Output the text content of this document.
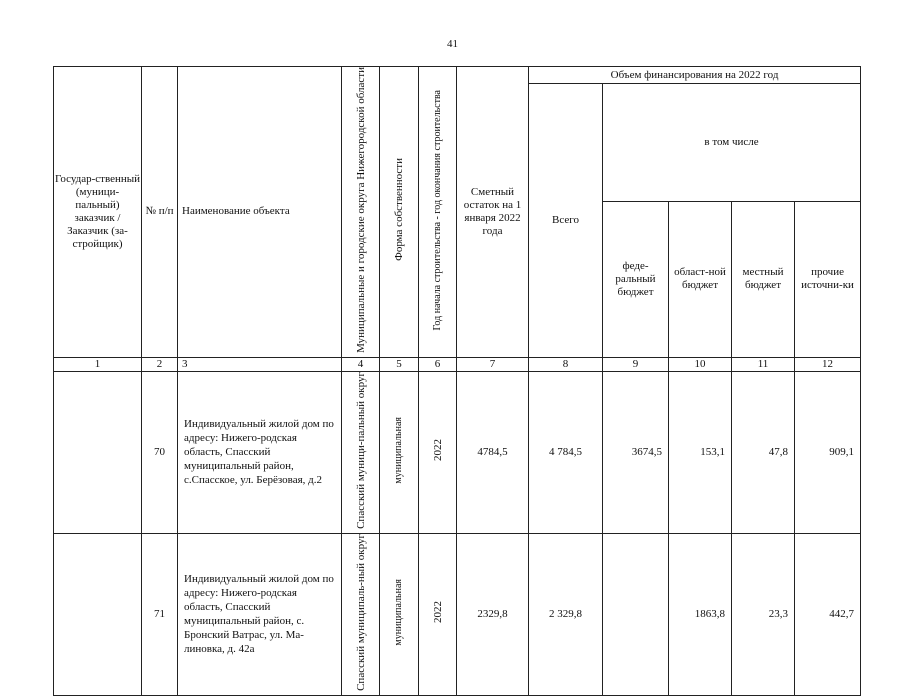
41
Государ-ственный (муници-пальный) заказчик / Заказчик (за-стройщик)	№ п/п	Наименование объекта	Муниципальные и городские округа Нижегородской области	Форма собственности	Год начала строительства - год окончания строительства	Сметный остаток на 1 января 2022 года	Объем финансирования на 2022 год				
							Всего	в том числе			
								феде-ральный бюджет	област-ной бюджет	местный бюджет	прочие источни-ки
1	2	3	4	5	6	7	8	9	10	11	12
	70	Индивидуальный жилой дом по адресу: Нижего-родская область, Спасский муниципальный район, с.Спасское, ул. Берёзовая, д.2	Спасский муници-пальный округ	муниципальная	2022	4784,5	4 784,5	3674,5	153,1	47,8	909,1
	71	Индивидуальный жилой дом по адресу: Нижего-родская область, Спасский муниципальный район, с. Бронский Ватрас, ул. Ма-линовка, д. 42а	Спасский муниципаль-ный округ	муниципальная	2022	2329,8	2 329,8		1863,8	23,3	442,7
